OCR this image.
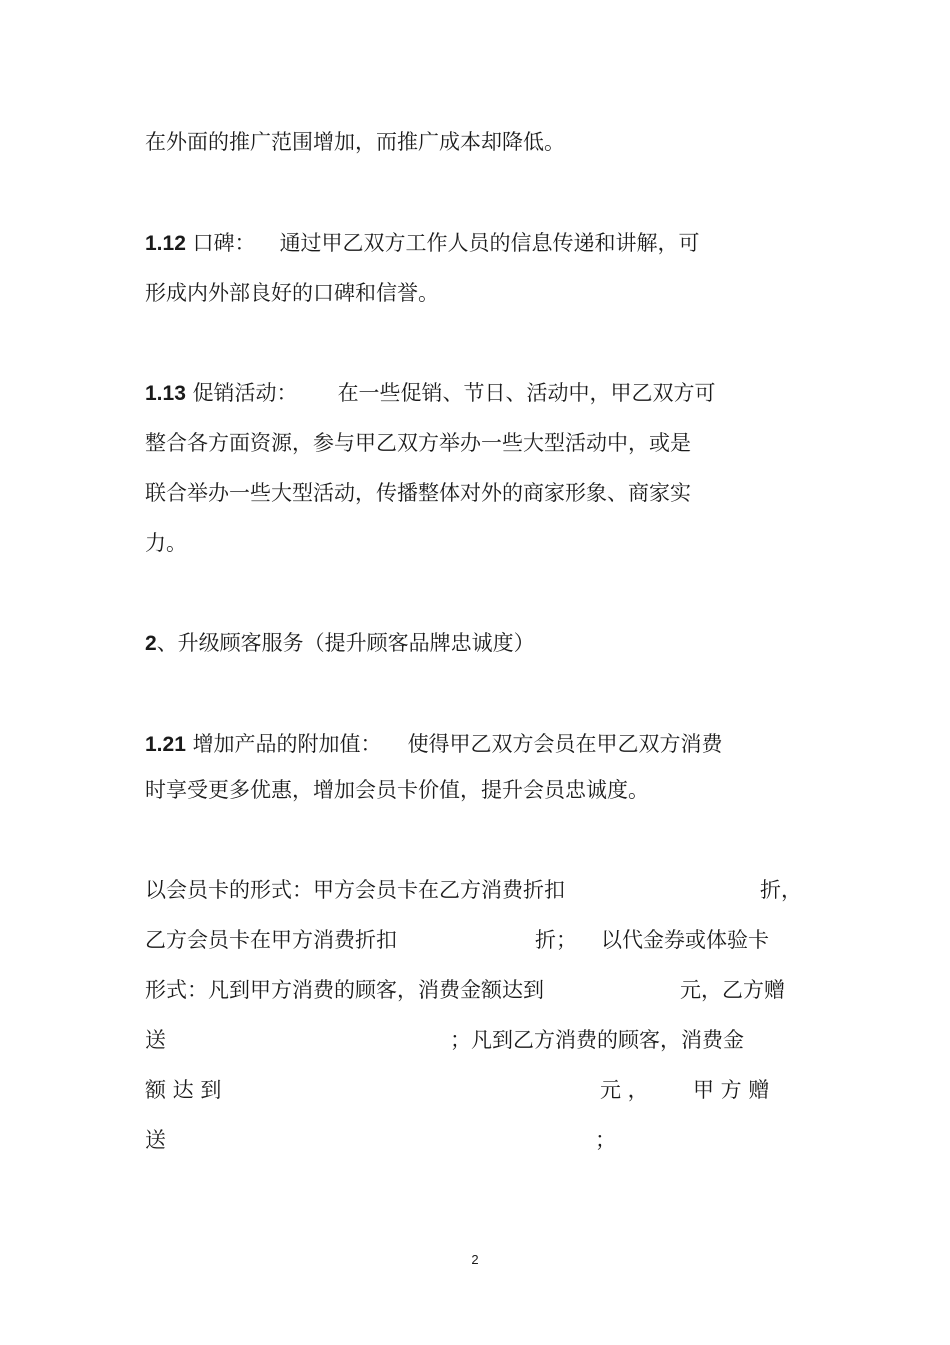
在外面的推广范围增加，而推广成本却降低。
1.12 口碑： 通过甲乙双方工作人员的信息传递和讲解，可
形成内外部良好的口碑和信誉。
1.13 促销活动： 在一些促销、节日、活动中，甲乙双方可
整合各方面资源，参与甲乙双方举办一些大型活动中，或是
联合举办一些大型活动，传播整体对外的商家形象、商家实
力。
2、升级顾客服务（提升顾客品牌忠诚度）
1.21 增加产品的附加值： 使得甲乙双方会员在甲乙双方消费
时享受更多优惠，增加会员卡价值，提升会员忠诚度。
以会员卡的形式：甲方会员卡在乙方消费折扣	折，
乙方会员卡在甲方消费折扣	折； 以代金券或体验卡
形式：凡到甲方消费的顾客，消费金额达到	元，乙方赠
送	；凡到乙方消费的顾客，消费金
额 达 到	元 ， 甲 方 赠
送	；
2
